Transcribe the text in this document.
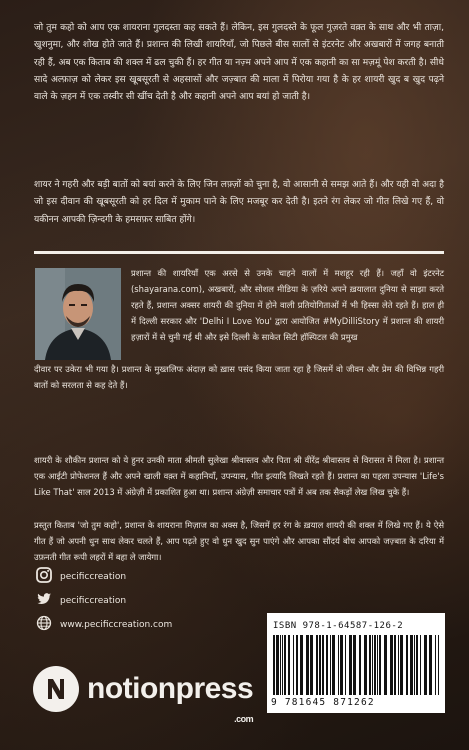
जो तुम कहो को आप एक शायराना गुलदस्ता कह सकते हैं। लेकिन, इस गुलदस्ते के फूल गुज़रते वक़्त के साथ और भी ताज़ा, खुशनुमा, और शोख होते जाते हैं। प्रशान्त की लिखी शायरियाँ, जो पिछले बीस सालों से इंटरनेट और अखबारों में जगह बनाती रही हैं, अब एक किताब की शक्ल में ढल चुकी हैं। हर गीत या नज़्म अपने आप में एक कहानी का सा मज़मूं पेश करती है। सीधे सादे अल्फ़ाज़ को लेकर इस खूबसूरती से अहसासों और जज़्बात की माला में पिरोया गया है के हर शायरी खुद ब खुद पढ़ने वाले के ज़हन में एक तस्वीर सी खींच देती है और कहानी अपने आप बयां हो जाती है।

शायर ने गहरी और बड़ी बातों को बयां करने के लिए जिन लफ़्ज़ों को चुना है, वो आसानी से समझ आते हैं। और यही वो अदा है जो इस दीवान की खूबसूरती को हर दिल में मुकाम पाने के लिए मजबूर कर देती है। इतने रंग लेकर जो गीत लिखे गए हैं, वो यकीनन आपकी ज़िन्दगी के हमसफ़र साबित होंगे।

प्रशान्त की शायरियाँ एक अरसे से उनके चाहने वालों में मशहूर रही हैं। जहाँ वो इंटरनेट (shayarana.com), अखबारों, और सोशल मीडिया के ज़रिये अपने ख़यालात दुनिया से साझा करते रहते हैं, प्रशान्त अक्सर शायरी की दुनिया में होने वाली प्रतियोगिताओं में भी हिस्सा लेते रहते हैं। हाल ही में दिल्ली सरकार और 'Delhi I Love You' द्वारा आयोजित #MyDilliStory में प्रशान्त की शायरी हज़ारों में से चुनी गई थी और इसे दिल्ली के साकेत सिटी हॉस्पिटल की प्रमुख

दीवार पर उकेरा भी गया है। प्रशान्त के मुख्तलिफ अंदाज़ को ख़ास पसंद किया जाता रहा है जिसमें वो जीवन और प्रेम की विभिन्न गहरी बातों को सरलता से कह देते हैं।

शायरी के शौकीन प्रशान्त को ये हुनर उनकी माता श्रीमती सुलेखा श्रीवास्तव और पिता श्री वीरेंद्र श्रीवास्तव से विरासत में मिला है। प्रशान्त एक आईटी प्रोफेशनल हैं और अपने खाली वक़्त में कहानियाँ, उपन्यास, गीत इत्यादि लिखते रहते हैं। प्रशान्त का पहला उपन्यास 'Life's Like That' साल 2013 में अंग्रेज़ी में प्रकाशित हुआ था। प्रशान्त अंग्रेज़ी समाचार पत्रों में अब तक सैकड़ों लेख लिख चुके हैं।

प्रस्तुत किताब 'जो तुम कहो', प्रशान्त के शायराना मिज़ाज का अक्स है, जिसमें हर रंग के ख़याल शायरी की शक्ल में लिखे गए हैं। ये ऐसे गीत हैं जो अपनी धुन साथ लेकर चलते हैं, आप पढ़ते हुए वो धुन खुद सुन पाएंगे और आपका सौंदर्य बोध आपको जज़्बात के दरिया में उफ़नती गीत रूपी लहरों में बहा ले जायेगा।

pecificcreation
pecificcreation
www.pecificcreation.com	ISBN 978-1-64587-126-2
9 781645 871262
notionpress
.com
